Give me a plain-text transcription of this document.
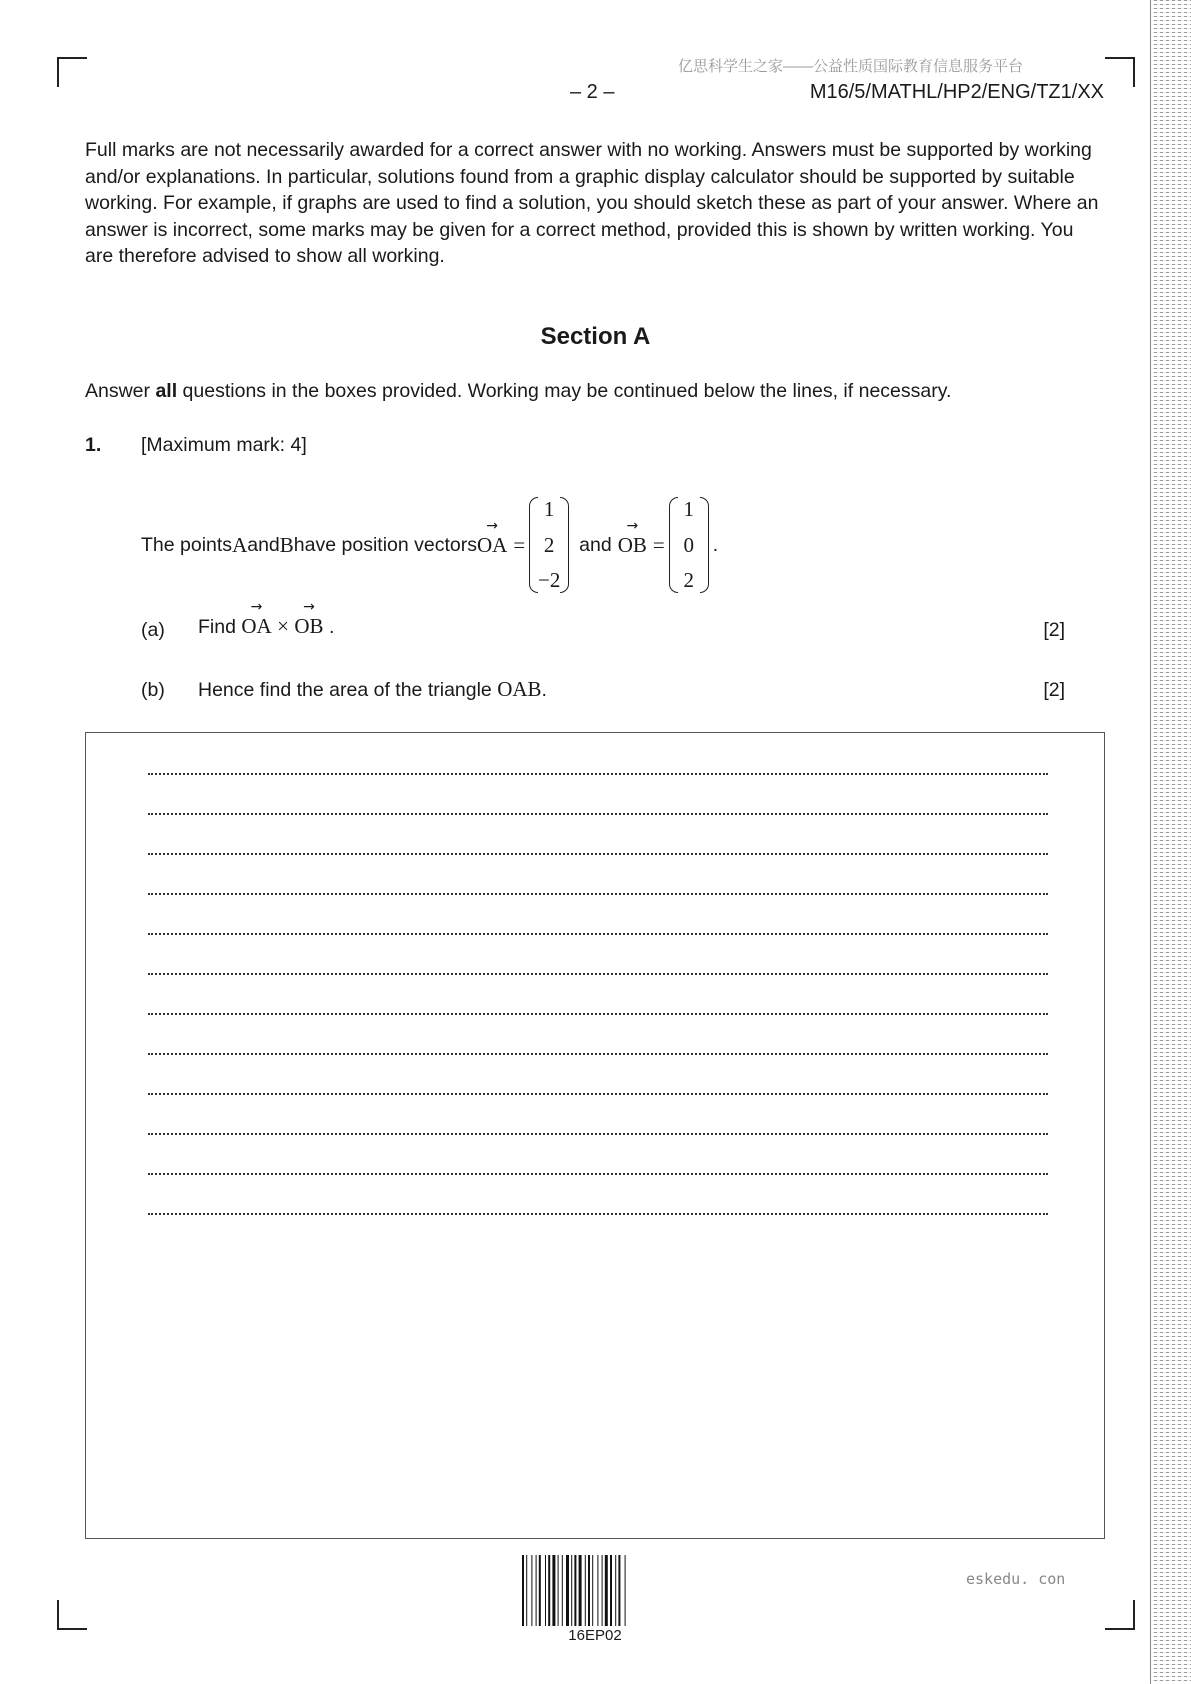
亿思科学生之家——公益性质国际教育信息服务平台
– 2 –	M16/5/MATHL/HP2/ENG/TZ1/XX

Full marks are not necessarily awarded for a correct answer with no working. Answers must be supported by working and/or explanations. In particular, solutions found from a graphic display calculator should be supported by suitable working. For example, if graphs are used to find a solution, you should sketch these as part of your answer. Where an answer is incorrect, some marks may be given for a correct method, provided this is shown by written working. You are therefore advised to show all working.

Section A
Answer all questions in the boxes provided. Working may be continued below the lines, if necessary.
1. [Maximum mark: 4]
The points A and B have position vectors
→
OA =
1
2
−2
and
→
OB =
1
0
2
.
(a) Find
→
OA ×
→
OB .	[2]
(b) Hence find the area of the triangle OAB.	[2]
16EP02
eskedu. con
